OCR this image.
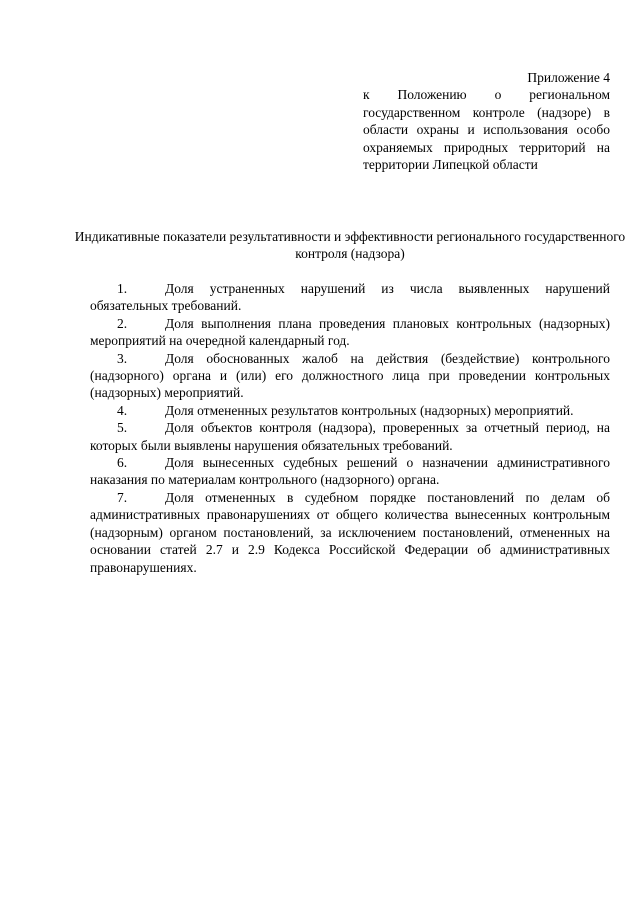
Приложение 4
к Положению о региональном государственном контроле (надзоре) в области охраны и использования особо охраняемых природных территорий на территории Липецкой области
Индикативные показатели результативности и эффективности регионального государственного контроля (надзора)

1.	Доля устраненных нарушений из числа выявленных нарушений обязательных требований.

2.	Доля выполнения плана проведения плановых контрольных (надзорных) мероприятий на очередной календарный год.

3.	Доля обоснованных жалоб на действия (бездействие) контрольного (надзорного) органа и (или) его должностного лица при проведении контрольных (надзорных) мероприятий.

4.	Доля отмененных результатов контрольных (надзорных) мероприятий.

5.	Доля объектов контроля (надзора), проверенных за отчетный период, на которых были выявлены нарушения обязательных требований.

6.	Доля вынесенных судебных решений о назначении административного наказания по материалам контрольного (надзорного) органа.

7.	Доля отмененных в судебном порядке постановлений по делам об административных правонарушениях от общего количества вынесенных контрольным (надзорным) органом постановлений, за исключением постановлений, отмененных на основании статей 2.7 и 2.9 Кодекса Российской Федерации об административных правонарушениях.
